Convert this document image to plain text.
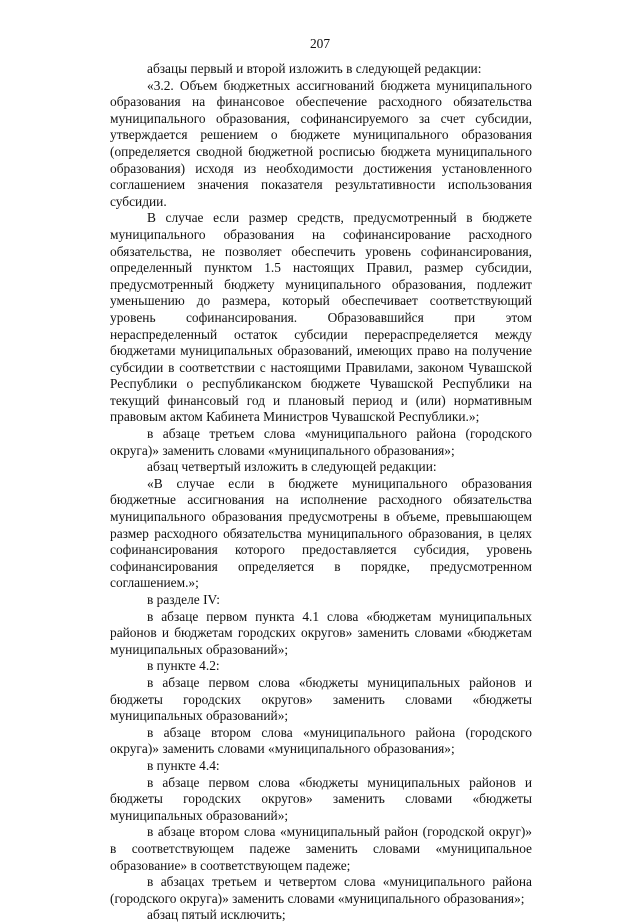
207

абзацы первый и второй изложить в следующей редакции:

«3.2. Объем бюджетных ассигнований бюджета муниципального образования на финансовое обеспечение расходного обязательства муниципального образования, софинансируемого за счет субсидии, утверждается решением о бюджете муниципального образования (определяется сводной бюджетной росписью бюджета муниципального образования) исходя из необходимости достижения установленного соглашением значения показателя результативности использования субсидии.

В случае если размер средств, предусмотренный в бюджете муниципального образования на софинансирование расходного обязательства, не позволяет обеспечить уровень софинансирования, определенный пунктом 1.5 настоящих Правил, размер субсидии, предусмотренный бюджету муниципального образования, подлежит уменьшению до размера, который обеспечивает соответствующий уровень софинансирования. Образовавшийся при этом нераспределенный остаток субсидии перераспределяется между бюджетами муниципальных образований, имеющих право на получение субсидии в соответствии с настоящими Правилами, законом Чувашской Республики о республиканском бюджете Чувашской Республики на текущий финансовый год и плановый период и (или) нормативным правовым актом Кабинета Министров Чувашской Республики.»;

в абзаце третьем слова «муниципального района (городского округа)» заменить словами «муниципального образования»;

абзац четвертый изложить в следующей редакции:

«В случае если в бюджете муниципального образования бюджетные ассигнования на исполнение расходного обязательства муниципального образования предусмотрены в объеме, превышающем размер расходного обязательства муниципального образования, в целях софинансирования которого предоставляется субсидия, уровень софинансирования определяется в порядке, предусмотренном соглашением.»;

в разделе IV:

в абзаце первом пункта 4.1 слова «бюджетам муниципальных районов и бюджетам городских округов» заменить словами «бюджетам муниципальных образований»;

в пункте 4.2:

в абзаце первом слова «бюджеты муниципальных районов и бюджеты городских округов» заменить словами «бюджеты муниципальных образований»;

в абзаце втором слова «муниципального района (городского округа)» заменить словами «муниципального образования»;

в пункте 4.4:

в абзаце первом слова «бюджеты муниципальных районов и бюджеты городских округов» заменить словами «бюджеты муниципальных образований»;

в абзаце втором слова «муниципальный район (городской округ)» в соответствующем падеже заменить словами «муниципальное образование» в соответствующем падеже;

в абзацах третьем и четвертом слова «муниципального района (городского округа)» заменить словами «муниципального образования»;

абзац пятый исключить;
